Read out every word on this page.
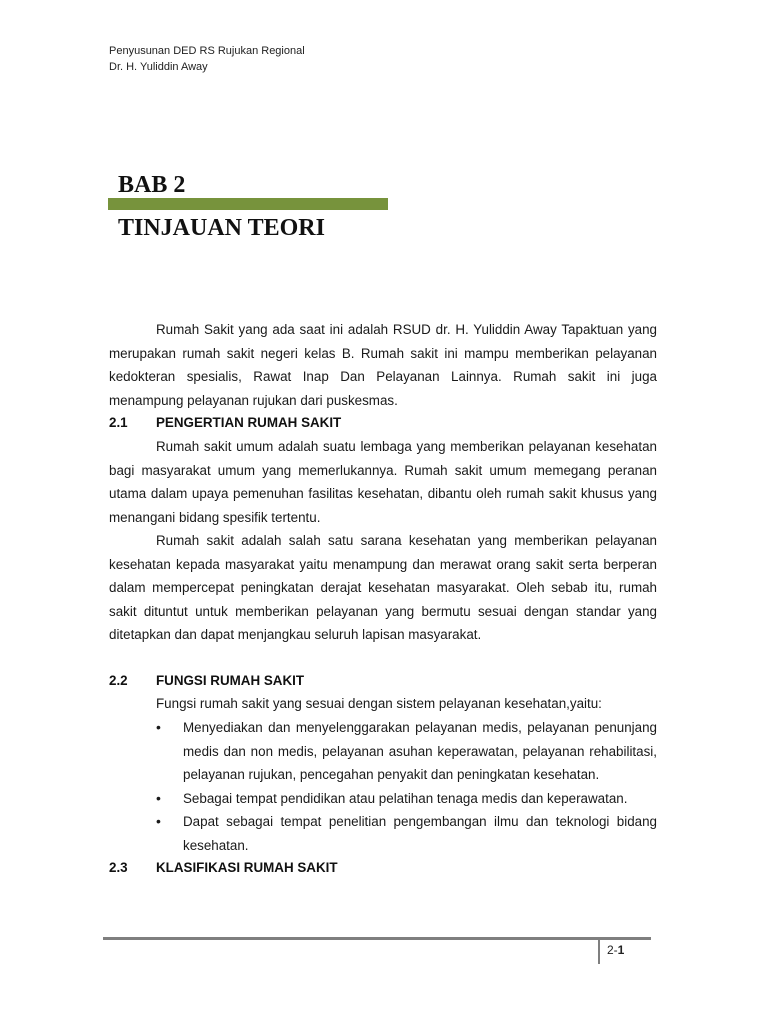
Penyusunan DED RS Rujukan Regional
Dr. H. Yuliddin Away
BAB 2
TINJAUAN TEORI
Rumah Sakit yang ada saat ini adalah RSUD dr. H. Yuliddin Away Tapaktuan yang merupakan rumah sakit negeri kelas B. Rumah sakit ini mampu memberikan pelayanan kedokteran spesialis, Rawat Inap Dan Pelayanan Lainnya. Rumah sakit ini juga menampung pelayanan rujukan dari puskesmas.
2.1 PENGERTIAN RUMAH SAKIT
Rumah sakit umum adalah suatu lembaga yang memberikan pelayanan kesehatan bagi masyarakat umum yang memerlukannya. Rumah sakit umum memegang peranan utama dalam upaya pemenuhan fasilitas kesehatan, dibantu oleh rumah sakit khusus yang menangani bidang spesifik tertentu.
Rumah sakit adalah salah satu sarana kesehatan yang memberikan pelayanan kesehatan kepada masyarakat yaitu menampung dan merawat orang sakit serta berperan dalam mempercepat peningkatan derajat kesehatan masyarakat. Oleh sebab itu, rumah sakit dituntut untuk memberikan pelayanan yang bermutu sesuai dengan standar yang ditetapkan dan dapat menjangkau seluruh lapisan masyarakat.
2.2 FUNGSI RUMAH SAKIT
Fungsi rumah sakit yang sesuai dengan sistem pelayanan kesehatan,yaitu:
• Menyediakan dan menyelenggarakan pelayanan medis, pelayanan penunjang medis dan non medis, pelayanan asuhan keperawatan, pelayanan rehabilitasi, pelayanan rujukan, pencegahan penyakit dan peningkatan kesehatan.
• Sebagai tempat pendidikan atau pelatihan tenaga medis dan keperawatan.
• Dapat sebagai tempat penelitian pengembangan ilmu dan teknologi bidang kesehatan.
2.3 KLASIFIKASI RUMAH SAKIT
2-1
